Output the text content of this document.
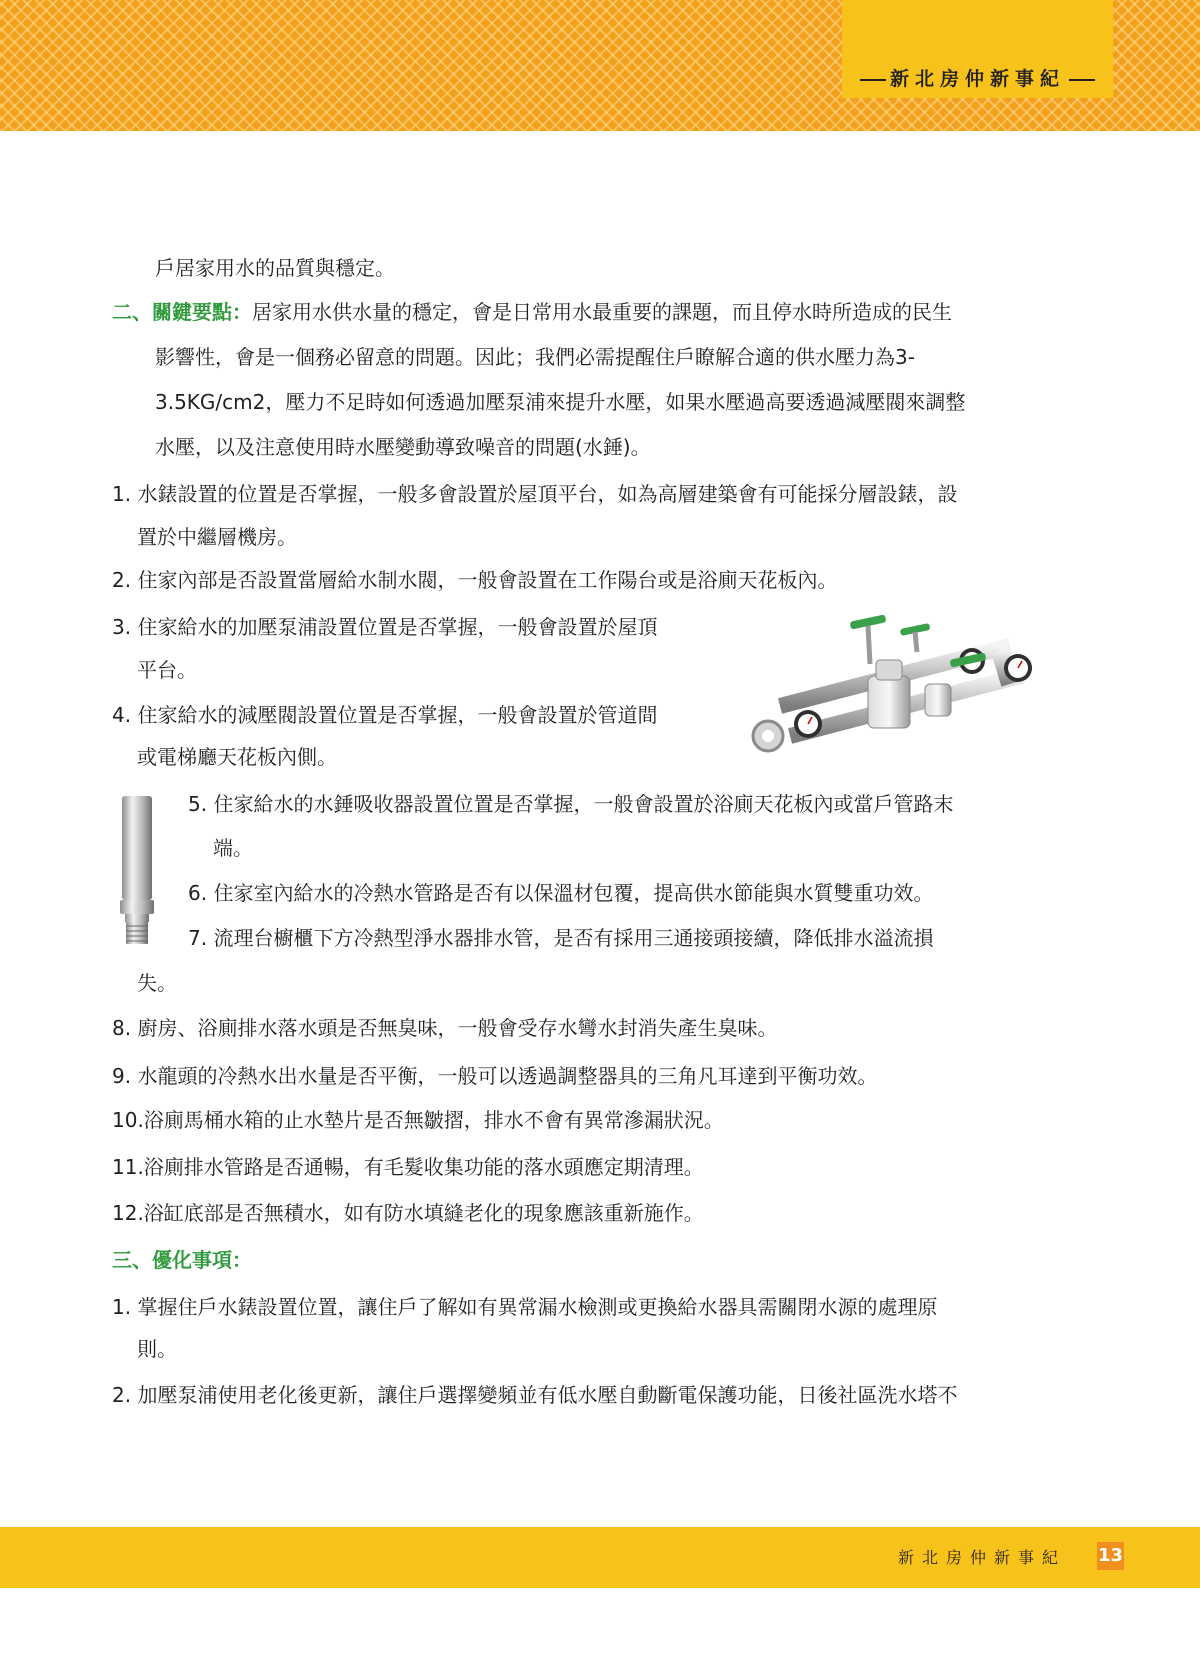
新北房仲新事紀
戶居家用水的品質與穩定。
二、關鍵要點：居家用水供水量的穩定，會是日常用水最重要的課題，而且停水時所造成的民生
影響性，會是一個務必留意的問題。因此；我們必需提醒住戶瞭解合適的供水壓力為3-
3.5KG/cm2，壓力不足時如何透過加壓泵浦來提升水壓，如果水壓過高要透過減壓閥來調整
水壓，以及注意使用時水壓變動導致噪音的問題(水錘)。
1. 水錶設置的位置是否掌握，一般多會設置於屋頂平台，如為高層建築會有可能採分層設錶，設
置於中繼層機房。
2. 住家內部是否設置當層給水制水閥，一般會設置在工作陽台或是浴廁天花板內。
3. 住家給水的加壓泵浦設置位置是否掌握，一般會設置於屋頂
平台。
4. 住家給水的減壓閥設置位置是否掌握，一般會設置於管道間
或電梯廳天花板內側。
5. 住家給水的水錘吸收器設置位置是否掌握，一般會設置於浴廁天花板內或當戶管路末
端。
6. 住家室內給水的冷熱水管路是否有以保溫材包覆，提高供水節能與水質雙重功效。
7. 流理台櫥櫃下方冷熱型淨水器排水管，是否有採用三通接頭接續，降低排水溢流損
失。
8. 廚房、浴廁排水落水頭是否無臭味，一般會受存水彎水封消失產生臭味。
9. 水龍頭的冷熱水出水量是否平衡，一般可以透過調整器具的三角凡耳達到平衡功效。
10.浴廁馬桶水箱的止水墊片是否無皺摺，排水不會有異常滲漏狀況。
11.浴廁排水管路是否通暢，有毛髮收集功能的落水頭應定期清理。
12.浴缸底部是否無積水，如有防水填縫老化的現象應該重新施作。
三、優化事項：
1. 掌握住戶水錶設置位置，讓住戶了解如有異常漏水檢測或更換給水器具需關閉水源的處理原
則。
2. 加壓泵浦使用老化後更新，讓住戶選擇變頻並有低水壓自動斷電保護功能，日後社區洗水塔不
新北房仲新事紀 13
